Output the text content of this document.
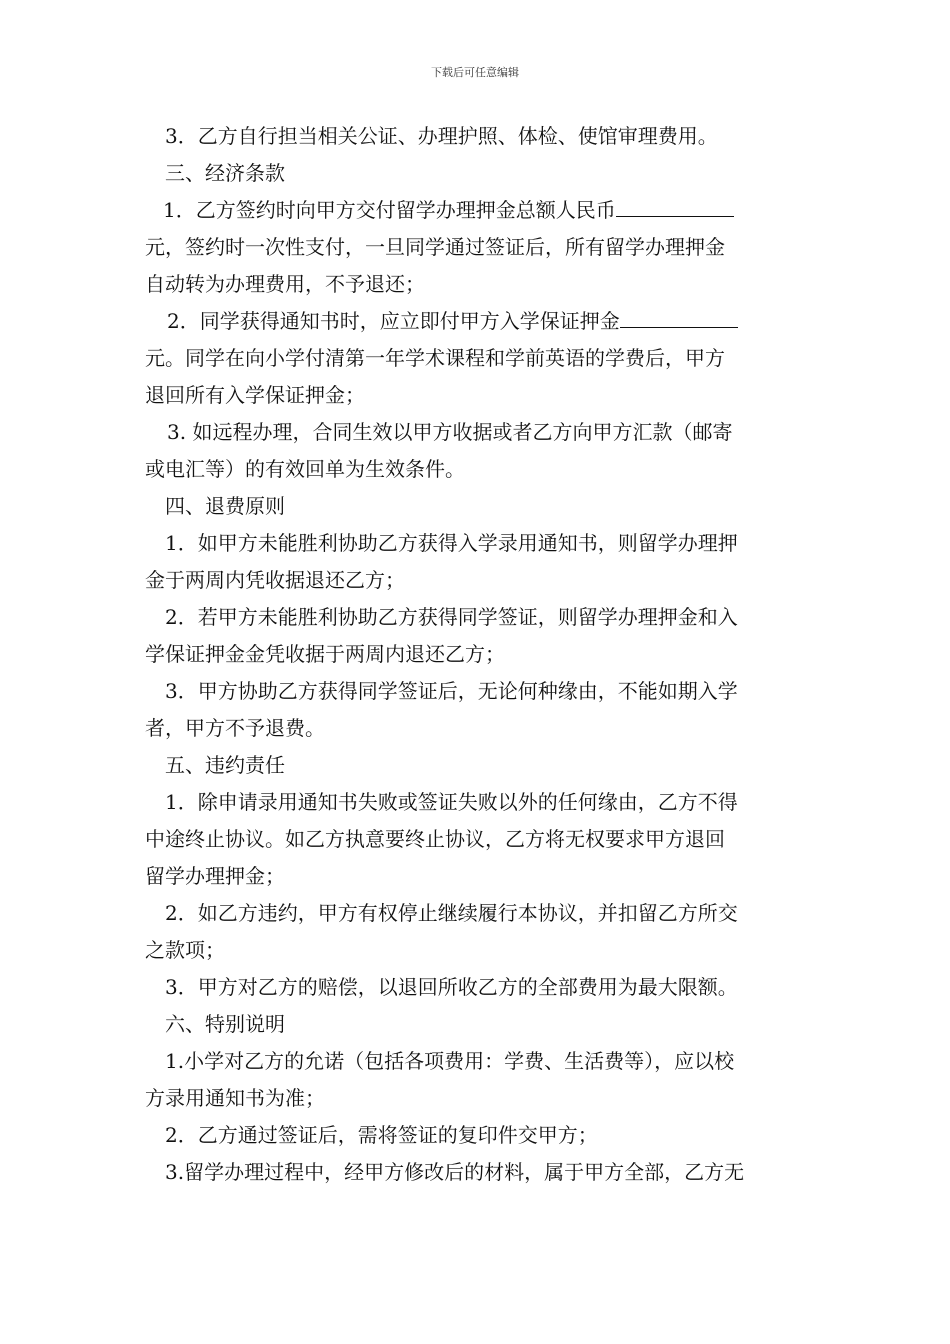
下载后可任意编辑
3．乙方自行担当相关公证、办理护照、体检、使馆审理费用。
三、经济条款
1．乙方签约时向甲方交付留学办理押金总额人民币
元，签约时一次性支付，一旦同学通过签证后，所有留学办理押金
自动转为办理费用，不予退还；
2．同学获得通知书时，应立即付甲方入学保证押金
元。同学在向小学付清第一年学术课程和学前英语的学费后，甲方
退回所有入学保证押金；
3. 如远程办理，合同生效以甲方收据或者乙方向甲方汇款（邮寄
或电汇等）的有效回单为生效条件。
四、退费原则
1．如甲方未能胜利协助乙方获得入学录用通知书，则留学办理押
金于两周内凭收据退还乙方；
2．若甲方未能胜利协助乙方获得同学签证，则留学办理押金和入
学保证押金金凭收据于两周内退还乙方；
3．甲方协助乙方获得同学签证后，无论何种缘由，不能如期入学
者，甲方不予退费。
五、违约责任
1．除申请录用通知书失败或签证失败以外的任何缘由，乙方不得
中途终止协议。如乙方执意要终止协议，乙方将无权要求甲方退回
留学办理押金；
2．如乙方违约，甲方有权停止继续履行本协议，并扣留乙方所交
之款项；
3．甲方对乙方的赔偿，以退回所收乙方的全部费用为最大限额。
六、特别说明
1.小学对乙方的允诺（包括各项费用：学费、生活费等），应以校
方录用通知书为准；
2．乙方通过签证后，需将签证的复印件交甲方；
3.留学办理过程中，经甲方修改后的材料，属于甲方全部，乙方无
